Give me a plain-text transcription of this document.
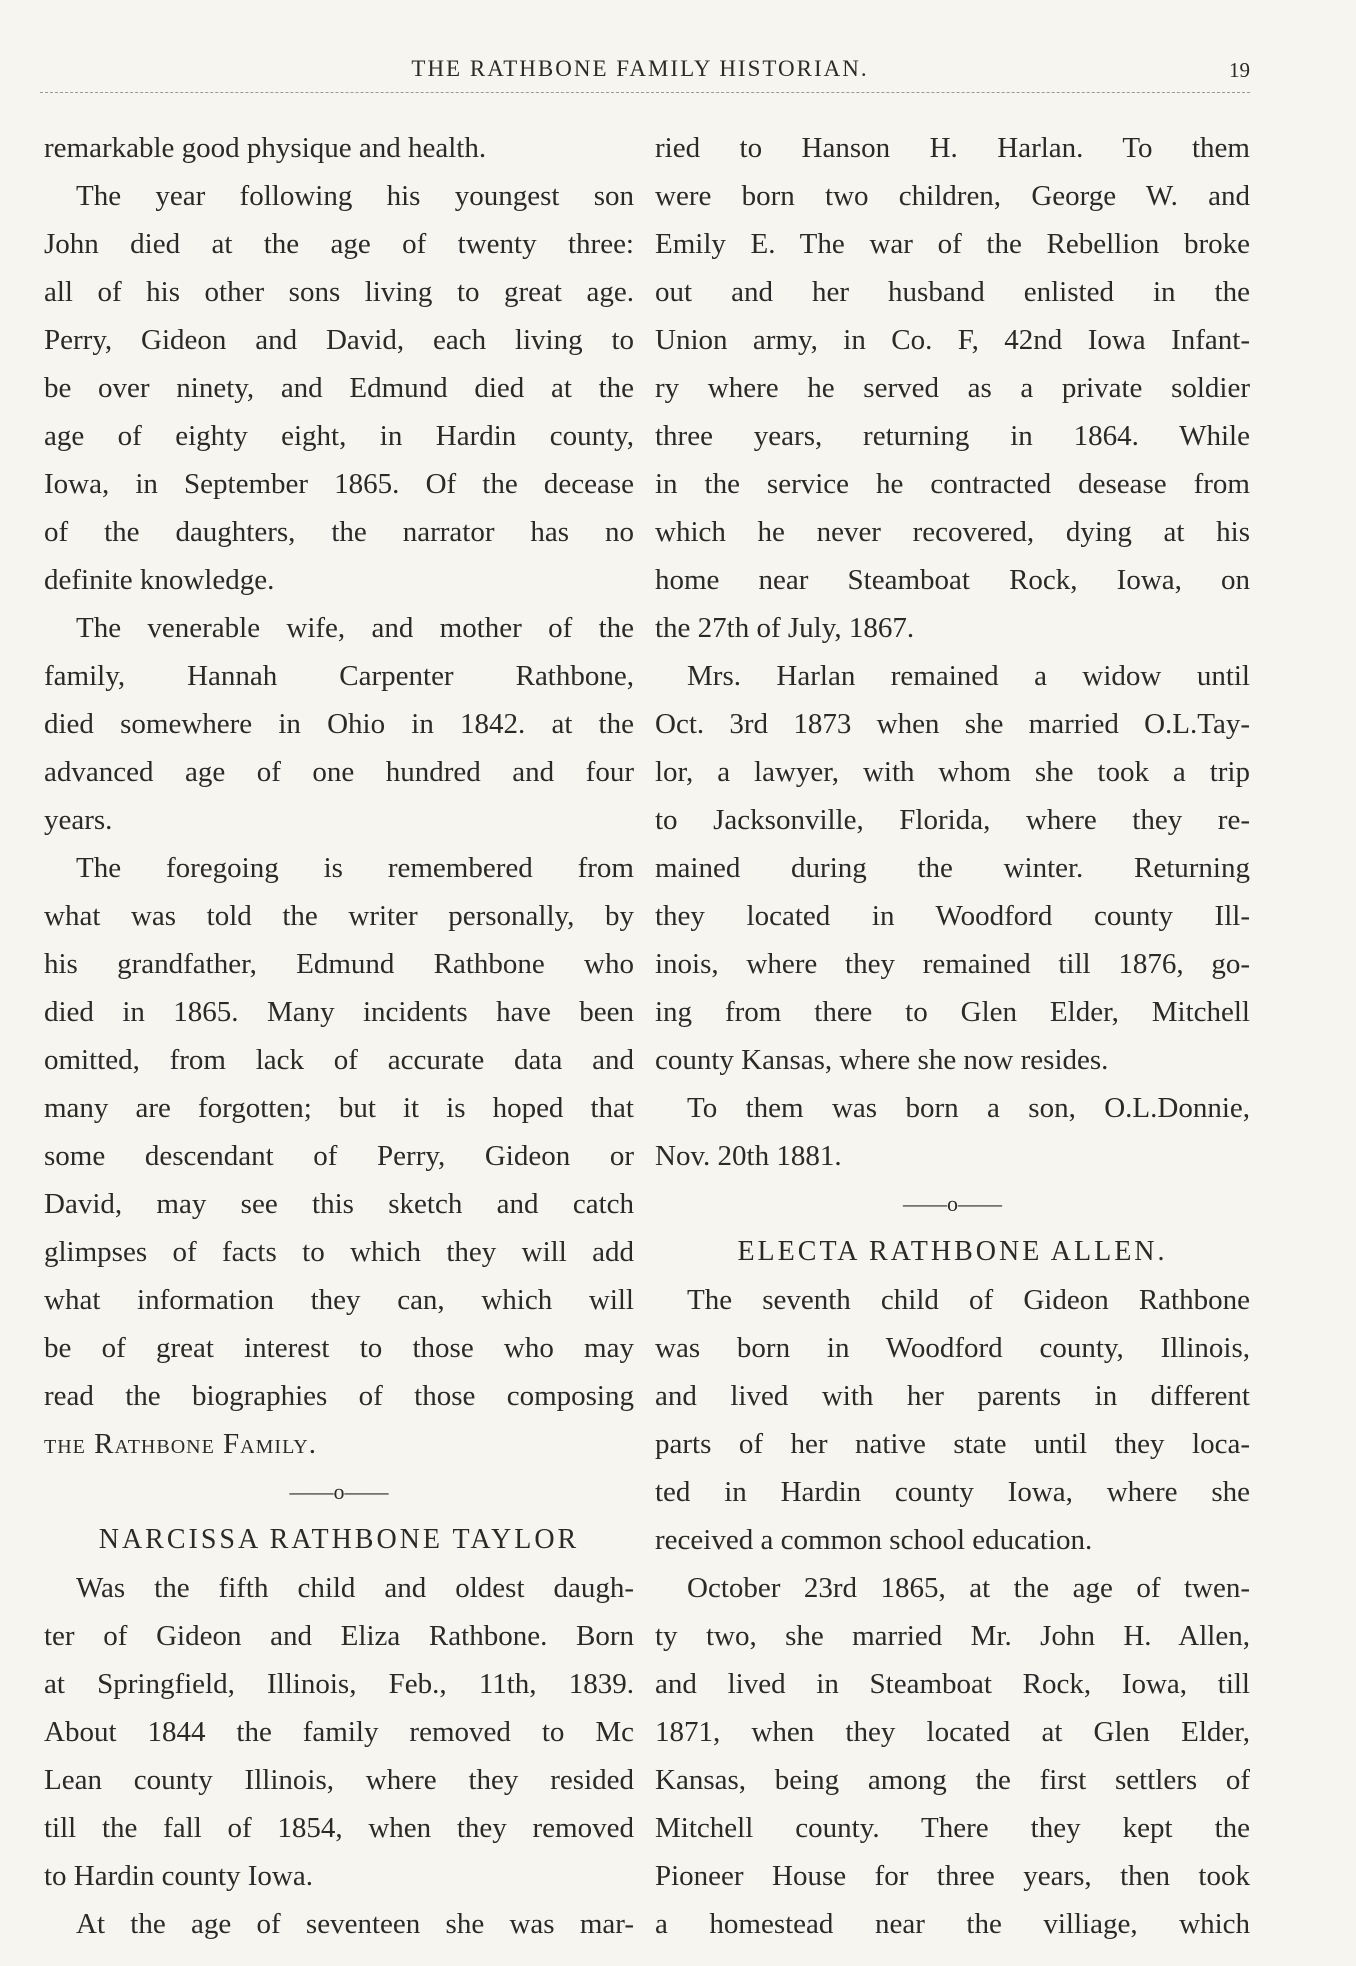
THE RATHBONE FAMILY HISTORIAN.	19
remarkable good physique and health.
The year following his youngest son
John died at the age of twenty three:
all of his other sons living to great age.
Perry, Gideon and David, each living to
be over ninety, and Edmund died at the
age of eighty eight, in Hardin county,
Iowa, in September 1865. Of the decease
of the daughters, the narrator has no
definite knowledge.
The venerable wife, and mother of the
family, Hannah Carpenter Rathbone,
died somewhere in Ohio in 1842. at the
advanced age of one hundred and four
years.
The foregoing is remembered from
what was told the writer personally, by
his grandfather, Edmund Rathbone who
died in 1865. Many incidents have been
omitted, from lack of accurate data and
many are forgotten; but it is hoped that
some descendant of Perry, Gideon or
David, may see this sketch and catch
glimpses of facts to which they will add
what information they can, which will
be of great interest to those who may
read the biographies of those composing
the Rathbone Family.
——o——
NARCISSA RATHBONE TAYLOR
Was the fifth child and oldest daugh-
ter of Gideon and Eliza Rathbone. Born
at Springfield, Illinois, Feb., 11th, 1839.
About 1844 the family removed to Mc
Lean county Illinois, where they resided
till the fall of 1854, when they removed
to Hardin county Iowa.
At the age of seventeen she was mar-
ried to Hanson H. Harlan. To them
were born two children, George W. and
Emily E. The war of the Rebellion broke
out and her husband enlisted in the
Union army, in Co. F, 42nd Iowa Infant-
ry where he served as a private soldier
three years, returning in 1864. While
in the service he contracted desease from
which he never recovered, dying at his
home near Steamboat Rock, Iowa, on
the 27th of July, 1867.
Mrs. Harlan remained a widow until
Oct. 3rd 1873 when she married O.L.Tay-
lor, a lawyer, with whom she took a trip
to Jacksonville, Florida, where they re-
mained during the winter. Returning
they located in Woodford county Ill-
inois, where they remained till 1876, go-
ing from there to Glen Elder, Mitchell
county Kansas, where she now resides.
To them was born a son, O.L.Donnie,
Nov. 20th 1881.
——o——
ELECTA RATHBONE ALLEN.
The seventh child of Gideon Rathbone
was born in Woodford county, Illinois,
and lived with her parents in different
parts of her native state until they loca-
ted in Hardin county Iowa, where she
received a common school education.
October 23rd 1865, at the age of twen-
ty two, she married Mr. John H. Allen,
and lived in Steamboat Rock, Iowa, till
1871, when they located at Glen Elder,
Kansas, being among the first settlers of
Mitchell county. There they kept the
Pioneer House for three years, then took
a homestead near the villiage, which
